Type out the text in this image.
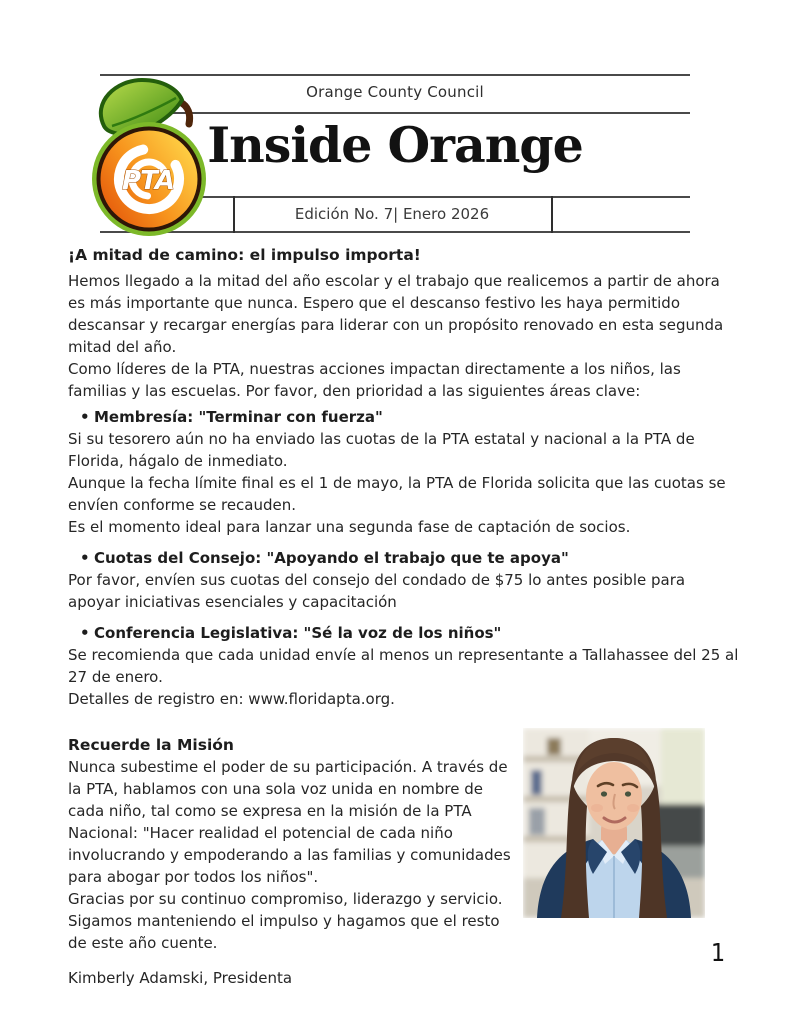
Orange County Council
Inside Orange
Edición No. 7| Enero 2026
PTA

¡A mitad de camino: el impulso importa!

Hemos llegado a la mitad del año escolar y el trabajo que realicemos a partir de ahora es más importante que nunca. Espero que el descanso festivo les haya permitido descansar y recargar energías para liderar con un propósito renovado en esta segunda mitad del año.

Como líderes de la PTA, nuestras acciones impactan directamente a los niños, las familias y las escuelas. Por favor, den prioridad a las siguientes áreas clave:

• Membresía: "Terminar con fuerza"

Si su tesorero aún no ha enviado las cuotas de la PTA estatal y nacional a la PTA de Florida, hágalo de inmediato.

Aunque la fecha límite final es el 1 de mayo, la PTA de Florida solicita que las cuotas se envíen conforme se recauden.

Es el momento ideal para lanzar una segunda fase de captación de socios.

• Cuotas del Consejo: "Apoyando el trabajo que te apoya"

Por favor, envíen sus cuotas del consejo del condado de $75 lo antes posible para apoyar iniciativas esenciales y capacitación

• Conferencia Legislativa: "Sé la voz de los niños"

Se recomienda que cada unidad envíe al menos un representante a Tallahassee del 25 al 27 de enero.

Detalles de registro en: www.floridapta.org.

Recuerde la Misión

Nunca subestime el poder de su participación. A través de la PTA, hablamos con una sola voz unida en nombre de cada niño, tal como se expresa en la misión de la PTA Nacional: "Hacer realidad el potencial de cada niño involucrando y empoderando a las familias y comunidades para abogar por todos los niños".

Gracias por su continuo compromiso, liderazgo y servicio. Sigamos manteniendo el impulso y hagamos que el resto de este año cuente.

Kimberly Adamski, Presidenta
1
